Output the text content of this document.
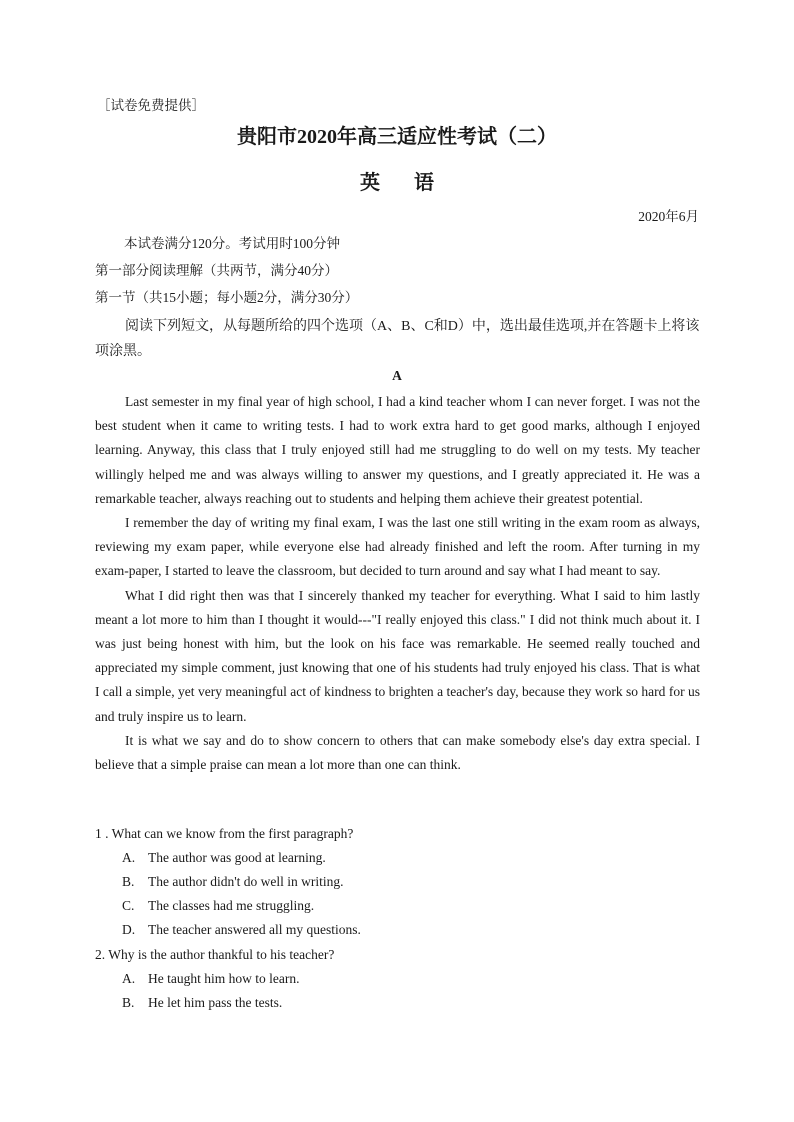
［试卷免费提供］
贵阳市2020年高三适应性考试（二）
英语
2020年6月
本试卷满分120分。考试用时100分钟
第一部分阅读理解（共两节，满分40分）
第一节（共15小题；每小题2分，满分30分）
阅读下列短文，从每题所给的四个选项（A、B、C和D）中，选出最佳选项,并在答题卡上将该项涂黑。
A

Last semester in my final year of high school, I had a kind teacher whom I can never forget. I was not the best student when it came to writing tests. I had to work extra hard to get good marks, although I enjoyed learning. Anyway, this class that I truly enjoyed still had me struggling to do well on my tests. My teacher willingly helped me and was always willing to answer my questions, and I greatly appreciated it. He was a remarkable teacher, always reaching out to students and helping them achieve their greatest potential.

I remember the day of writing my final exam, I was the last one still writing in the exam room as always, reviewing my exam paper, while everyone else had already finished and left the room. After turning in my exam-paper, I started to leave the classroom, but decided to turn around and say what I had meant to say.

What I did right then was that I sincerely thanked my teacher for everything. What I said to him lastly meant a lot more to him than I thought it would---"I really enjoyed this class." I did not think much about it. I was just being honest with him, but the look on his face was remarkable. He seemed really touched and appreciated my simple comment, just knowing that one of his students had truly enjoyed his class. That is what I call a simple, yet very meaningful act of kindness to brighten a teacher's day, because they work so hard for us and truly inspire us to learn.

It is what we say and do to show concern to others that can make somebody else's day extra special. I believe that a simple praise can mean a lot more than one can think.

1 . What can we know from the first paragraph?
A. The author was good at learning.
B. The author didn't do well in writing.
C. The classes had me struggling.
D. The teacher answered all my questions.
2. Why is the author thankful to his teacher?
A. He taught him how to learn.
B. He let him pass the tests.
